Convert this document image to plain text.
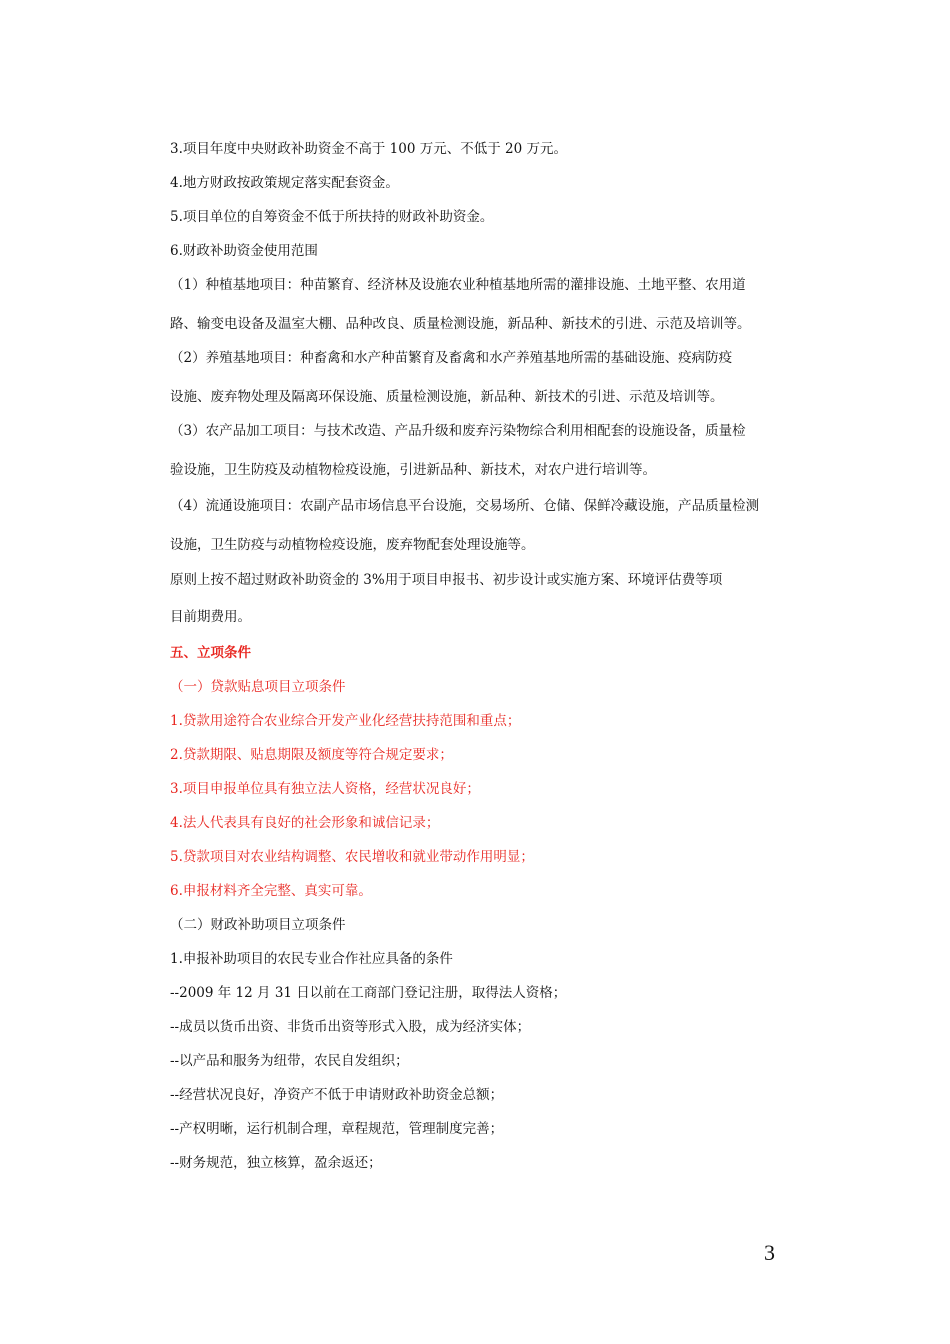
3.项目年度中央财政补助资金不高于 100 万元、不低于 20 万元。
4.地方财政按政策规定落实配套资金。
5.项目单位的自筹资金不低于所扶持的财政补助资金。
6.财政补助资金使用范围
（1）种植基地项目：种苗繁育、经济林及设施农业种植基地所需的灌排设施、土地平整、农用道
路、输变电设备及温室大棚、品种改良、质量检测设施，新品种、新技术的引进、示范及培训等。
（2）养殖基地项目：种畜禽和水产种苗繁育及畜禽和水产养殖基地所需的基础设施、疫病防疫
设施、废弃物处理及隔离环保设施、质量检测设施，新品种、新技术的引进、示范及培训等。
（3）农产品加工项目：与技术改造、产品升级和废弃污染物综合利用相配套的设施设备，质量检
验设施，卫生防疫及动植物检疫设施，引进新品种、新技术，对农户进行培训等。
（4）流通设施项目：农副产品市场信息平台设施，交易场所、仓储、保鲜冷藏设施，产品质量检测
设施，卫生防疫与动植物检疫设施，废弃物配套处理设施等。
原则上按不超过财政补助资金的 3%用于项目申报书、初步设计或实施方案、环境评估费等项
目前期费用。
五、立项条件
（一）贷款贴息项目立项条件
1.贷款用途符合农业综合开发产业化经营扶持范围和重点；
2.贷款期限、贴息期限及额度等符合规定要求；
3.项目申报单位具有独立法人资格，经营状况良好；
4.法人代表具有良好的社会形象和诚信记录；
5.贷款项目对农业结构调整、农民增收和就业带动作用明显；
6.申报材料齐全完整、真实可靠。
（二）财政补助项目立项条件
1.申报补助项目的农民专业合作社应具备的条件
--2009 年 12 月 31 日以前在工商部门登记注册，取得法人资格；
--成员以货币出资、非货币出资等形式入股，成为经济实体；
--以产品和服务为纽带，农民自发组织；
--经营状况良好，净资产不低于申请财政补助资金总额；
--产权明晰，运行机制合理，章程规范，管理制度完善；
--财务规范，独立核算，盈余返还；
3
